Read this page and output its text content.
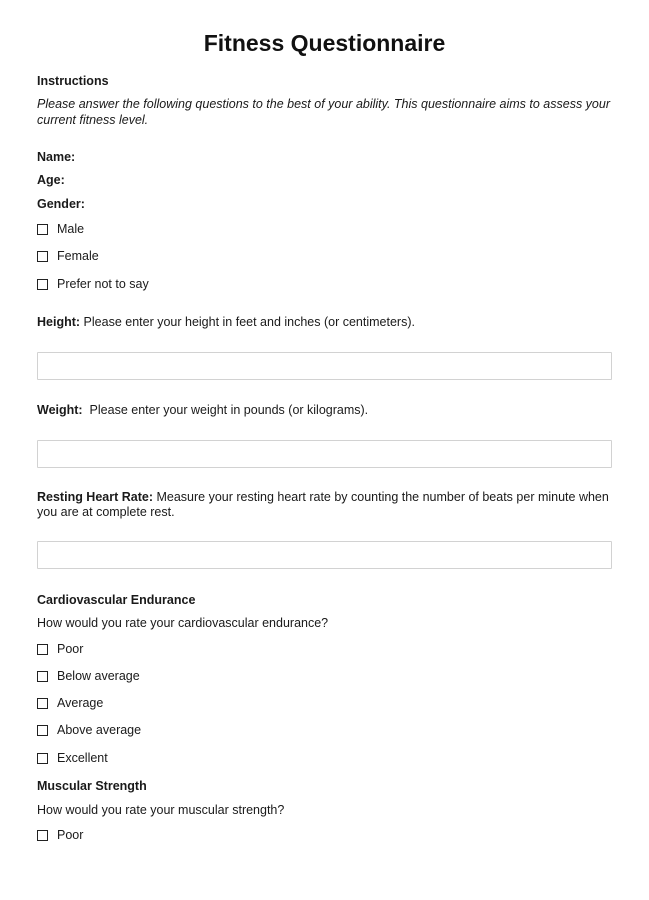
Fitness Questionnaire
Instructions
Please answer the following questions to the best of your ability. This questionnaire aims to assess your current fitness level.
Name:
Age:
Gender:
Male
Female
Prefer not to say
Height: Please enter your height in feet and inches (or centimeters).
Weight: Please enter your weight in pounds (or kilograms).
Resting Heart Rate: Measure your resting heart rate by counting the number of beats per minute when you are at complete rest.
Cardiovascular Endurance
How would you rate your cardiovascular endurance?
Poor
Below average
Average
Above average
Excellent
Muscular Strength
How would you rate your muscular strength?
Poor
